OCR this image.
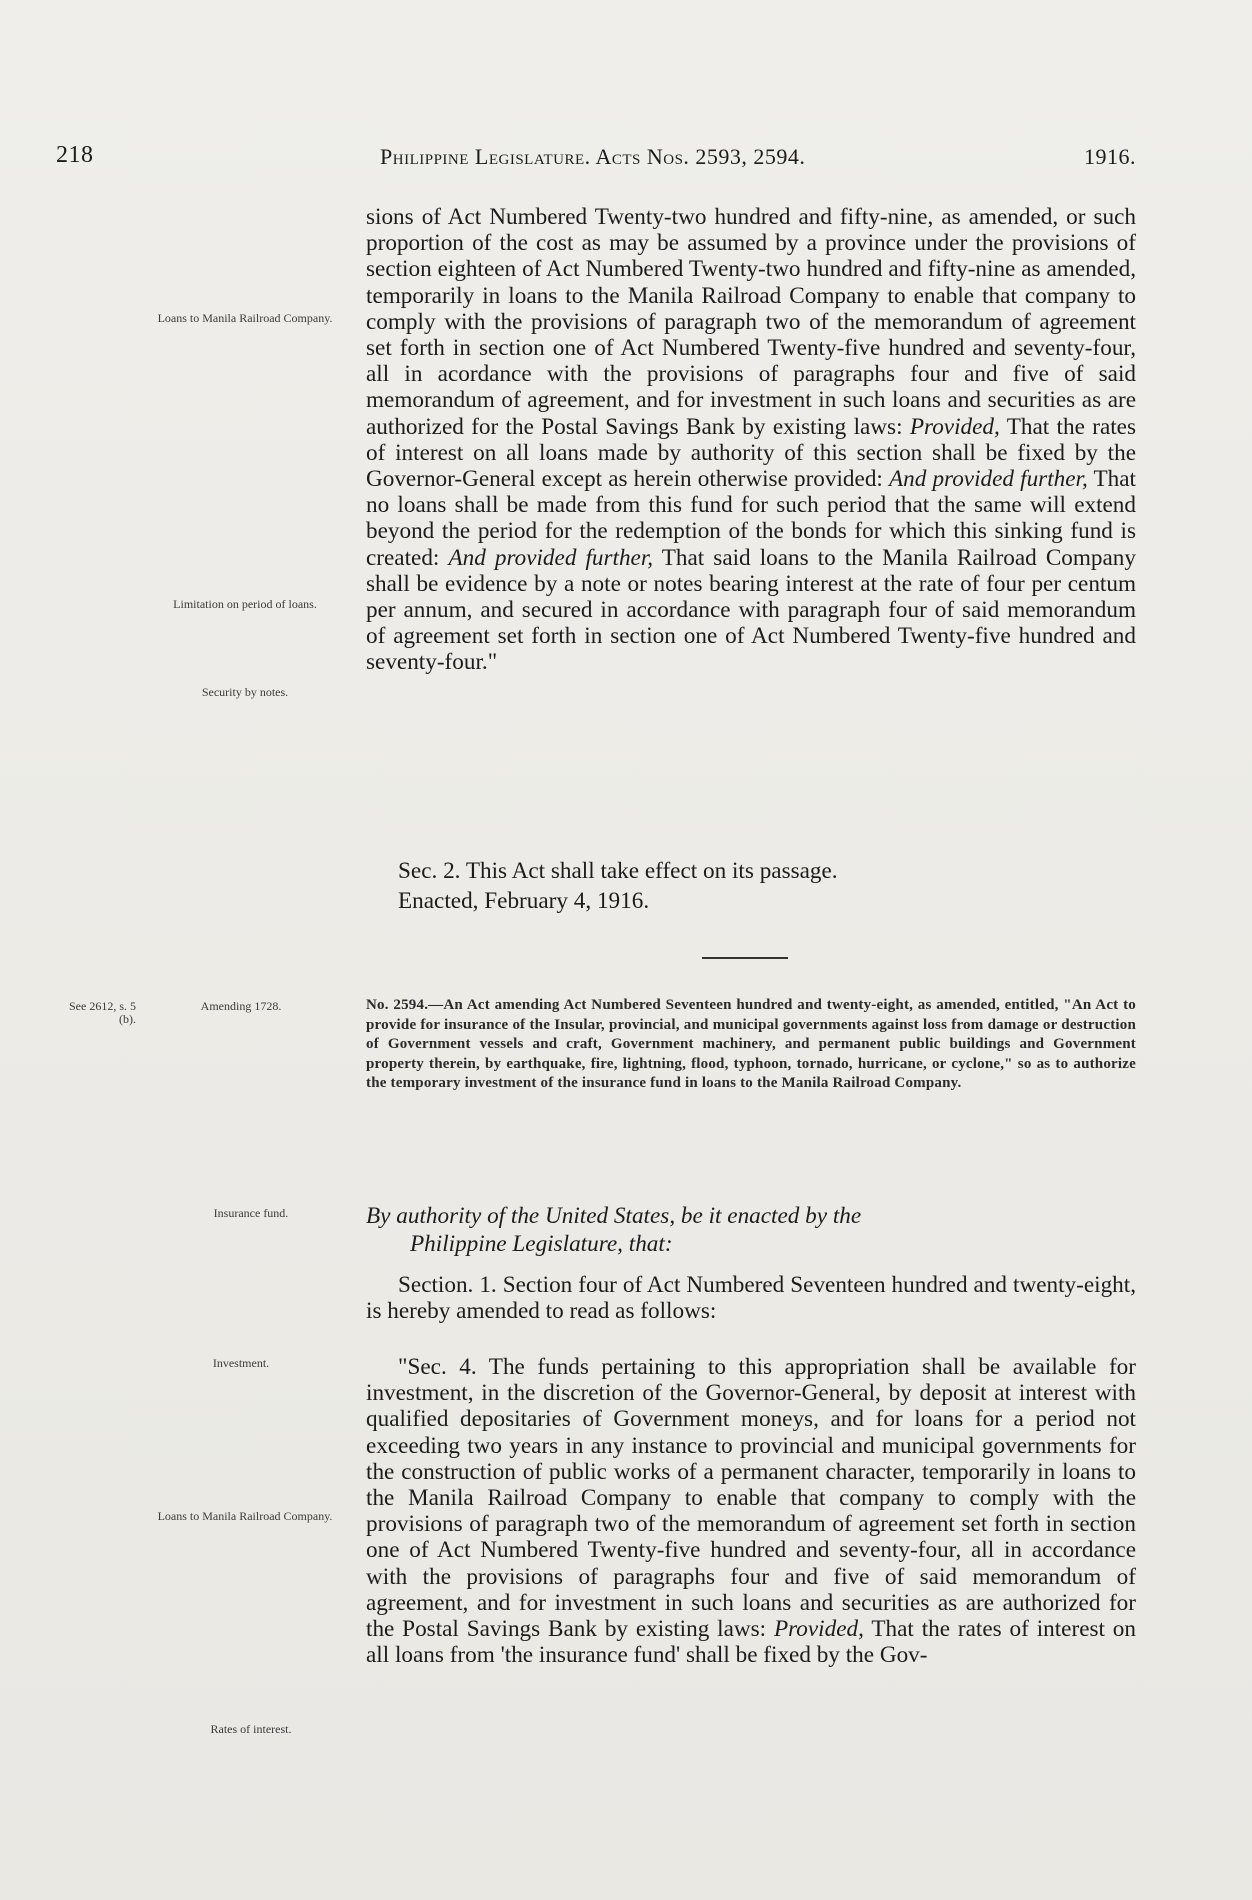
218	Philippine Legislature. Acts Nos. 2593, 2594.	1916.
Loans to Manila Railroad Company.
Limitation on period of loans.
Security by notes.
See 2612, s. 5 (b).
Amending 1728.
Insurance fund.
Investment.
Loans to Manila Railroad Company.
Rates of interest.

sions of Act Numbered Twenty-two hundred and fifty-nine, as amended, or such proportion of the cost as may be assumed by a province under the provisions of section eighteen of Act Numbered Twenty-two hundred and fifty-nine as amended, temporarily in loans to the Manila Railroad Company to enable that company to comply with the provisions of paragraph two of the memorandum of agreement set forth in section one of Act Numbered Twenty-five hundred and seventy-four, all in acordance with the provisions of paragraphs four and five of said memorandum of agreement, and for investment in such loans and securities as are authorized for the Postal Savings Bank by existing laws: Provided, That the rates of interest on all loans made by authority of this section shall be fixed by the Governor-General except as herein otherwise provided: And provided further, That no loans shall be made from this fund for such period that the same will extend beyond the period for the redemption of the bonds for which this sinking fund is created: And provided further, That said loans to the Manila Railroad Company shall be evidence by a note or notes bearing interest at the rate of four per centum per annum, and secured in accordance with paragraph four of said memorandum of agreement set forth in section one of Act Numbered Twenty-five hundred and seventy-four."

Sec. 2. This Act shall take effect on its passage.
Enacted, February 4, 1916.
No. 2594.—An Act amending Act Numbered Seventeen hundred and twenty-eight, as amended, entitled, "An Act to provide for insurance of the Insular, provincial, and municipal governments against loss from damage or destruction of Government vessels and craft, Government machinery, and permanent public buildings and Government property therein, by earthquake, fire, lightning, flood, typhoon, tornado, hurricane, or cyclone," so as to authorize the temporary investment of the insurance fund in loans to the Manila Railroad Company.
By authority of the United States, be it enacted by the
Philippine Legislature, that:
Section. 1. Section four of Act Numbered Seventeen hundred and twenty-eight, is hereby amended to read as follows:

"Sec. 4. The funds pertaining to this appropriation shall be available for investment, in the discretion of the Governor-General, by deposit at interest with qualified depositaries of Government moneys, and for loans for a period not exceeding two years in any instance to provincial and municipal governments for the construction of public works of a permanent character, temporarily in loans to the Manila Railroad Company to enable that company to comply with the provisions of paragraph two of the memorandum of agreement set forth in section one of Act Numbered Twenty-five hundred and seventy-four, all in accordance with the provisions of paragraphs four and five of said memorandum of agreement, and for investment in such loans and securities as are authorized for the Postal Savings Bank by existing laws: Provided, That the rates of interest on all loans from 'the insurance fund' shall be fixed by the Gov-
